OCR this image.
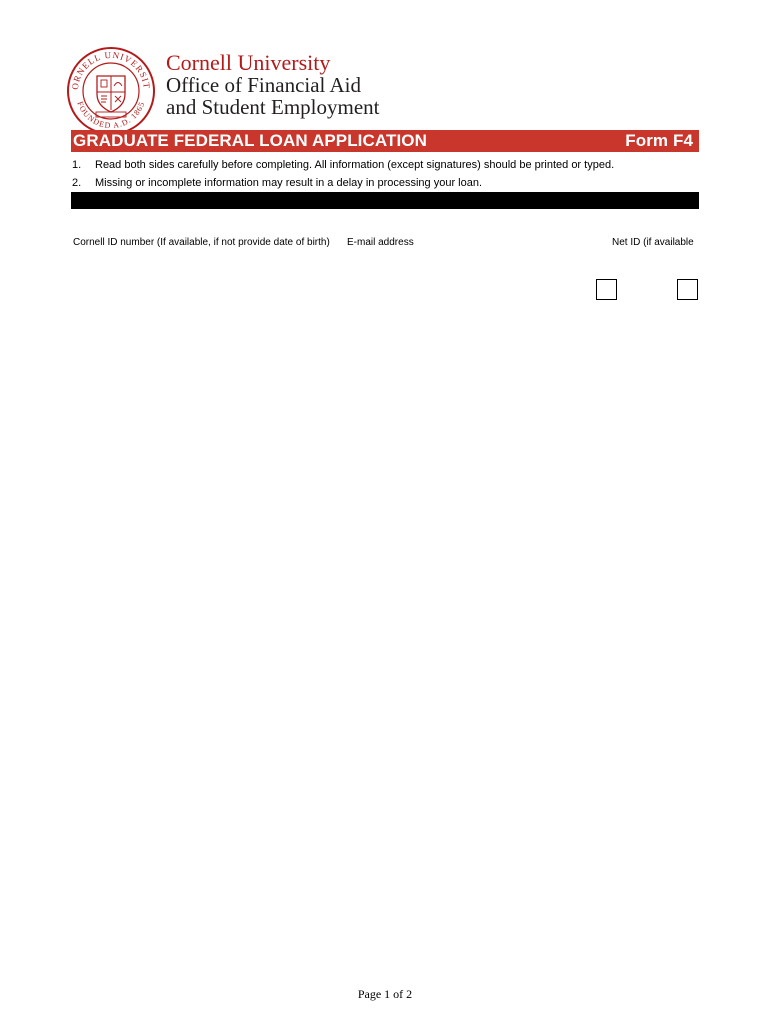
ORNELL UNIVERSIT
FOUNDED A.D. 1865
Cornell University
Office of Financial Aid
and Student Employment
GRADUATE FEDERAL LOAN APPLICATION	Form F4
1.	Read both sides carefully before completing. All information (except signatures) should be printed or typed.
2.	Missing or incomplete information may result in a delay in processing your loan.
Cornell ID number (If available, if not provide date of birth) E-mail address	Net ID (if available
Page 1 of 2
